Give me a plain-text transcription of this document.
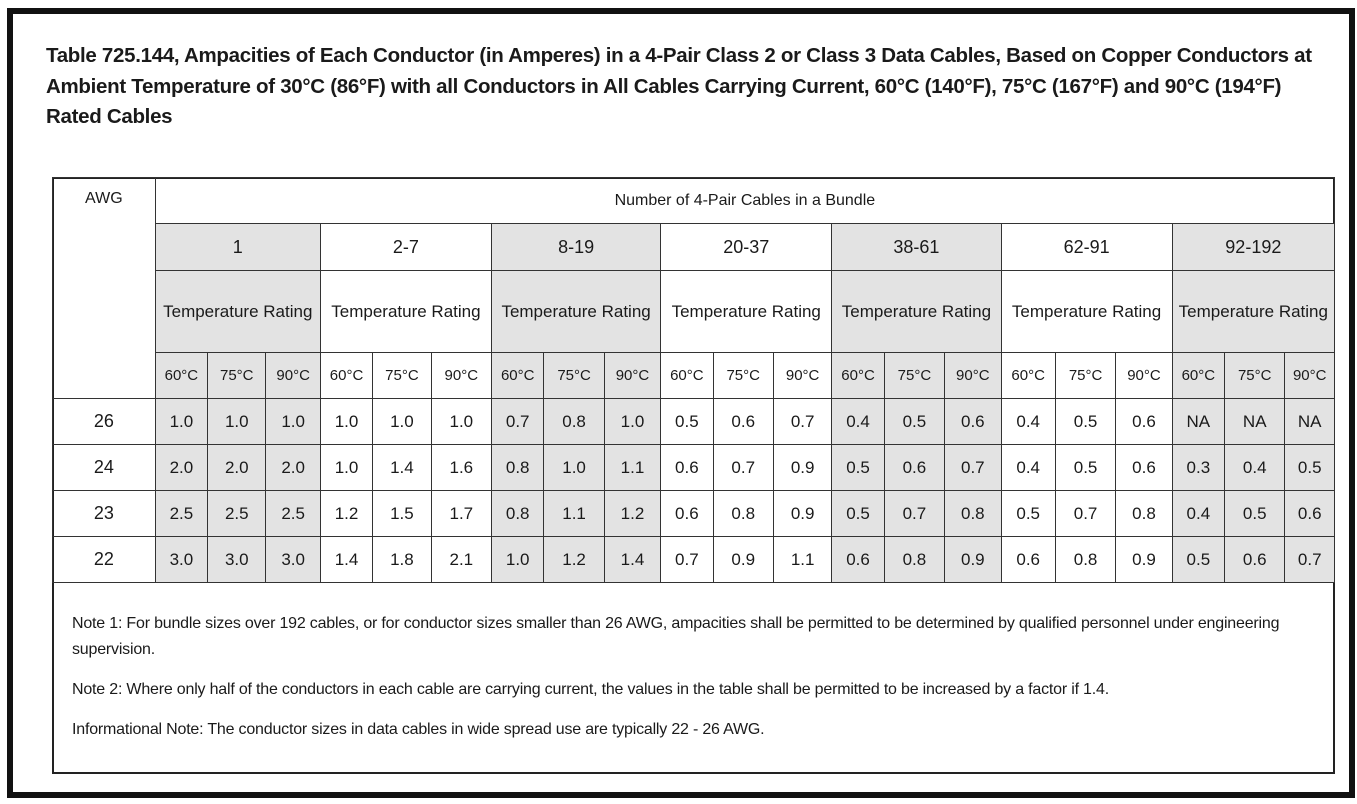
Table 725.144, Ampacities of Each Conductor (in Amperes) in a 4-Pair Class 2 or Class 3 Data Cables, Based on Copper Conductors at Ambient Temperature of 30°C (86°F) with all Conductors in All Cables Carrying Current, 60°C (140°F), 75°C (167°F) and 90°C (194°F) Rated Cables
AWG	Number of 4-Pair Cables in a Bundle																				
	1			2-7			8-19			20-37			38-61			62-91			92-192		
	Temperature Rating			Temperature Rating			Temperature Rating			Temperature Rating			Temperature Rating			Temperature Rating			Temperature Rating		
	60°C	75°C	90°C	60°C	75°C	90°C	60°C	75°C	90°C	60°C	75°C	90°C	60°C	75°C	90°C	60°C	75°C	90°C	60°C	75°C	90°C
26	1.0	1.0	1.0	1.0	1.0	1.0	0.7	0.8	1.0	0.5	0.6	0.7	0.4	0.5	0.6	0.4	0.5	0.6	NA	NA	NA
24	2.0	2.0	2.0	1.0	1.4	1.6	0.8	1.0	1.1	0.6	0.7	0.9	0.5	0.6	0.7	0.4	0.5	0.6	0.3	0.4	0.5
23	2.5	2.5	2.5	1.2	1.5	1.7	0.8	1.1	1.2	0.6	0.8	0.9	0.5	0.7	0.8	0.5	0.7	0.8	0.4	0.5	0.6
22	3.0	3.0	3.0	1.4	1.8	2.1	1.0	1.2	1.4	0.7	0.9	1.1	0.6	0.8	0.9	0.6	0.8	0.9	0.5	0.6	0.7

Note 1: For bundle sizes over 192 cables, or for conductor sizes smaller than 26 AWG, ampacities shall be permitted to be determined by qualified personnel under engineering supervision.

Note 2: Where only half of the conductors in each cable are carrying current, the values in the table shall be permitted to be increased by a factor if 1.4.

Informational Note: The conductor sizes in data cables in wide spread use are typically 22 - 26 AWG.
